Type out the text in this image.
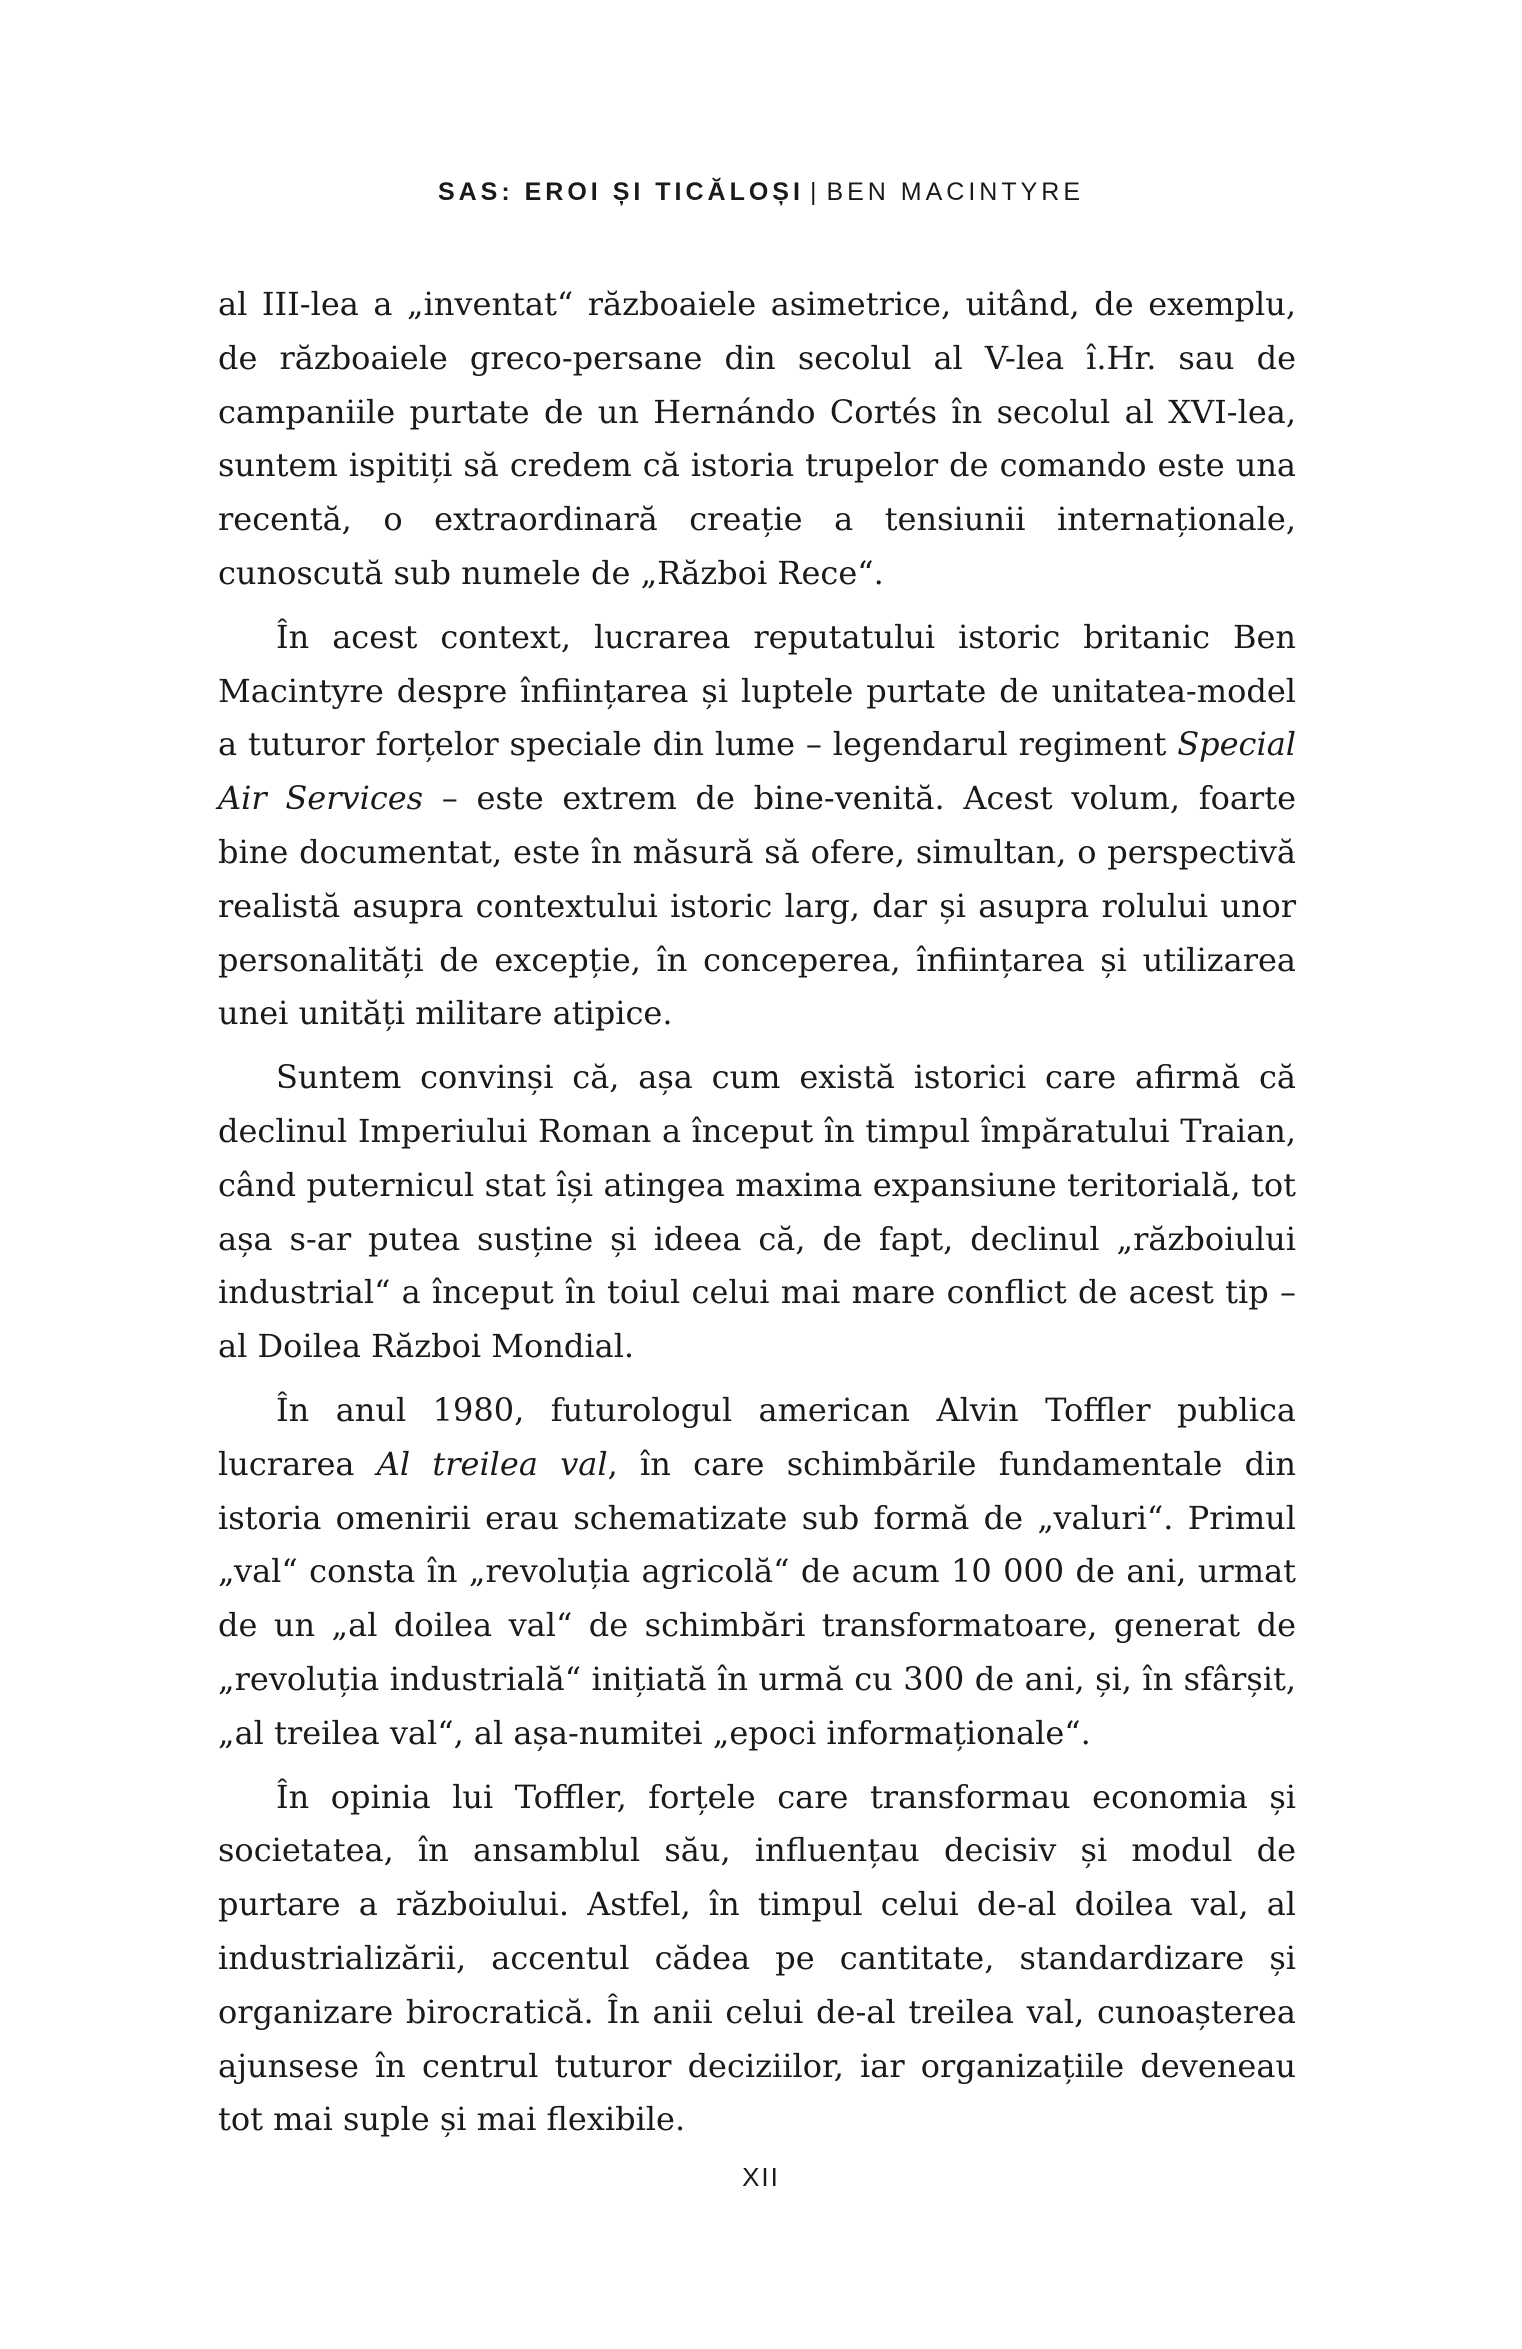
SAS: EROI ȘI TICĂLOȘI | BEN MACINTYRE

al III-lea a „inventat“ războaiele asimetrice, uitând, de exemplu, de războaiele greco-persane din secolul al V-lea î.Hr. sau de campaniile purtate de un Hernándo Cortés în secolul al XVI-lea, suntem ispitiți să credem că istoria trupelor de comando este una recentă, o extraordinară creație a tensiunii internaționale, cunoscută sub numele de „Război Rece“.

În acest context, lucrarea reputatului istoric britanic Ben Macintyre despre înființarea și luptele purtate de unitatea-model a tuturor forțelor speciale din lume – legendarul regiment Special Air Services – este extrem de bine-venită. Acest volum, foarte bine documentat, este în măsură să ofere, simultan, o perspectivă realistă asupra contextului istoric larg, dar și asupra rolului unor personalități de excepție, în conceperea, înființarea și utilizarea unei unități militare atipice.

Suntem convinși că, așa cum există istorici care afirmă că declinul Imperiului Roman a început în timpul împăratului Traian, când puternicul stat își atingea maxima expansiune teritorială, tot așa s-ar putea susține și ideea că, de fapt, declinul „războiului industrial“ a început în toiul celui mai mare conflict de acest tip – al Doilea Război Mondial.

În anul 1980, futurologul american Alvin Toffler publica lucrarea Al treilea val, în care schimbările fundamentale din istoria omenirii erau schematizate sub formă de „valuri“. Primul „val“ consta în „revoluția agricolă“ de acum 10 000 de ani, urmat de un „al doilea val“ de schimbări transformatoare, generat de „revoluția industrială“ inițiată în urmă cu 300 de ani, și, în sfârșit, „al treilea val“, al așa-numitei „epoci informaționale“.

În opinia lui Toffler, forțele care transformau economia și societatea, în ansamblul său, influențau decisiv și modul de purtare a războiului. Astfel, în timpul celui de-al doilea val, al industrializării, accentul cădea pe cantitate, standardizare și organizare birocratică. În anii celui de-al treilea val, cunoașterea ajunsese în centrul tuturor deciziilor, iar organizațiile deveneau tot mai suple și mai flexibile.

XII
